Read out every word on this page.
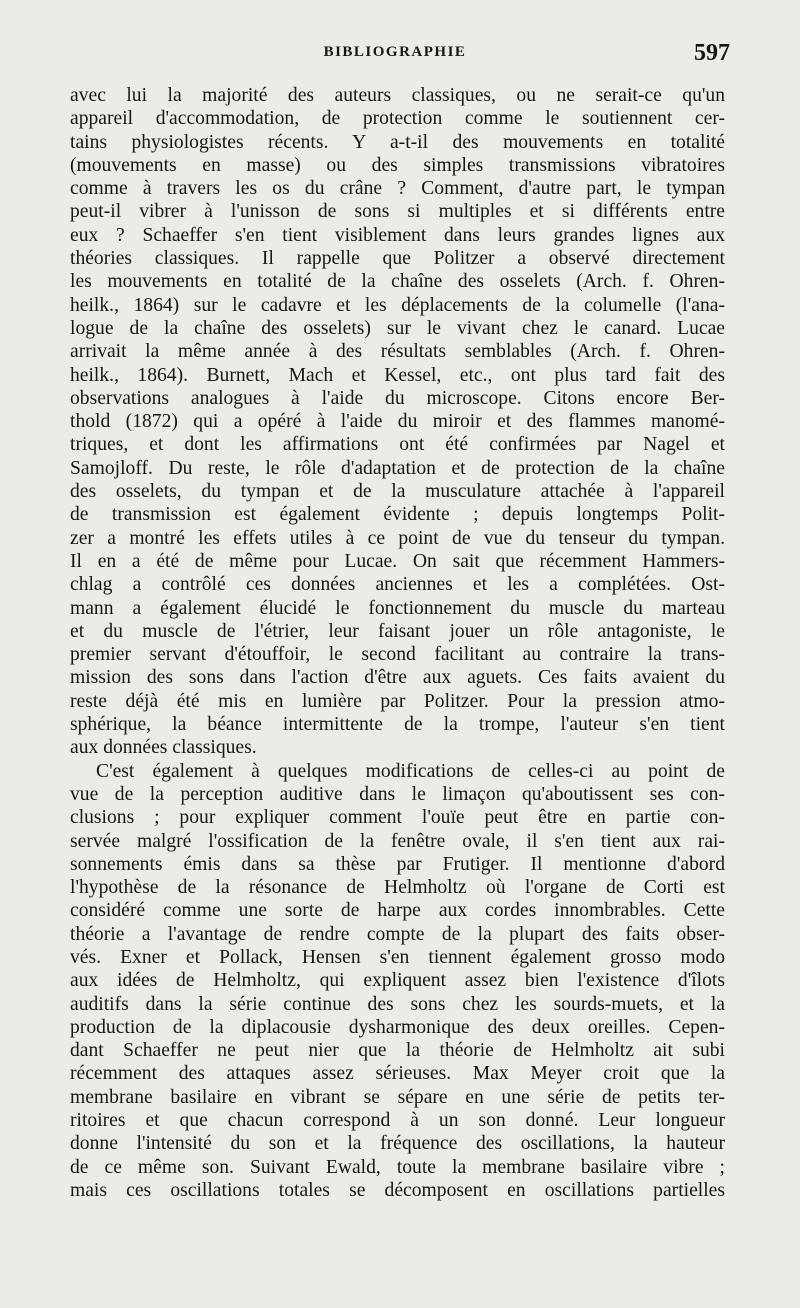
BIBLIOGRAPHIE	597
avec lui la majorité des auteurs classiques, ou ne serait-ce qu'un
appareil d'accommodation, de protection comme le soutiennent cer-
tains physiologistes récents. Y a-t-il des mouvements en totalité
(mouvements en masse) ou des simples transmissions vibratoires
comme à travers les os du crâne ? Comment, d'autre part, le tympan
peut-il vibrer à l'unisson de sons si multiples et si différents entre
eux ? Schaeffer s'en tient visiblement dans leurs grandes lignes aux
théories classiques. Il rappelle que Politzer a observé directement
les mouvements en totalité de la chaîne des osselets (Arch. f. Ohren-
heilk., 1864) sur le cadavre et les déplacements de la columelle (l'ana-
logue de la chaîne des osselets) sur le vivant chez le canard. Lucae
arrivait la même année à des résultats semblables (Arch. f. Ohren-
heilk., 1864). Burnett, Mach et Kessel, etc., ont plus tard fait des
observations analogues à l'aide du microscope. Citons encore Ber-
thold (1872) qui a opéré à l'aide du miroir et des flammes manomé-
triques, et dont les affirmations ont été confirmées par Nagel et
Samojloff. Du reste, le rôle d'adaptation et de protection de la chaîne
des osselets, du tympan et de la musculature attachée à l'appareil
de transmission est également évidente ; depuis longtemps Polit-
zer a montré les effets utiles à ce point de vue du tenseur du tympan.
Il en a été de même pour Lucae. On sait que récemment Hammers-
chlag a contrôlé ces données anciennes et les a complétées. Ost-
mann a également élucidé le fonctionnement du muscle du marteau
et du muscle de l'étrier, leur faisant jouer un rôle antagoniste, le
premier servant d'étouffoir, le second facilitant au contraire la trans-
mission des sons dans l'action d'être aux aguets. Ces faits avaient du
reste déjà été mis en lumière par Politzer. Pour la pression atmo-
sphérique, la béance intermittente de la trompe, l'auteur s'en tient
aux données classiques.
C'est également à quelques modifications de celles-ci au point de
vue de la perception auditive dans le limaçon qu'aboutissent ses con-
clusions ; pour expliquer comment l'ouïe peut être en partie con-
servée malgré l'ossification de la fenêtre ovale, il s'en tient aux rai-
sonnements émis dans sa thèse par Frutiger. Il mentionne d'abord
l'hypothèse de la résonance de Helmholtz où l'organe de Corti est
considéré comme une sorte de harpe aux cordes innombrables. Cette
théorie a l'avantage de rendre compte de la plupart des faits obser-
vés. Exner et Pollack, Hensen s'en tiennent également grosso modo
aux idées de Helmholtz, qui expliquent assez bien l'existence d'îlots
auditifs dans la série continue des sons chez les sourds-muets, et la
production de la diplacousie dysharmonique des deux oreilles. Cepen-
dant Schaeffer ne peut nier que la théorie de Helmholtz ait subi
récemment des attaques assez sérieuses. Max Meyer croit que la
membrane basilaire en vibrant se sépare en une série de petits ter-
ritoires et que chacun correspond à un son donné. Leur longueur
donne l'intensité du son et la fréquence des oscillations, la hauteur
de ce même son. Suivant Ewald, toute la membrane basilaire vibre ;
mais ces oscillations totales se décomposent en oscillations partielles
